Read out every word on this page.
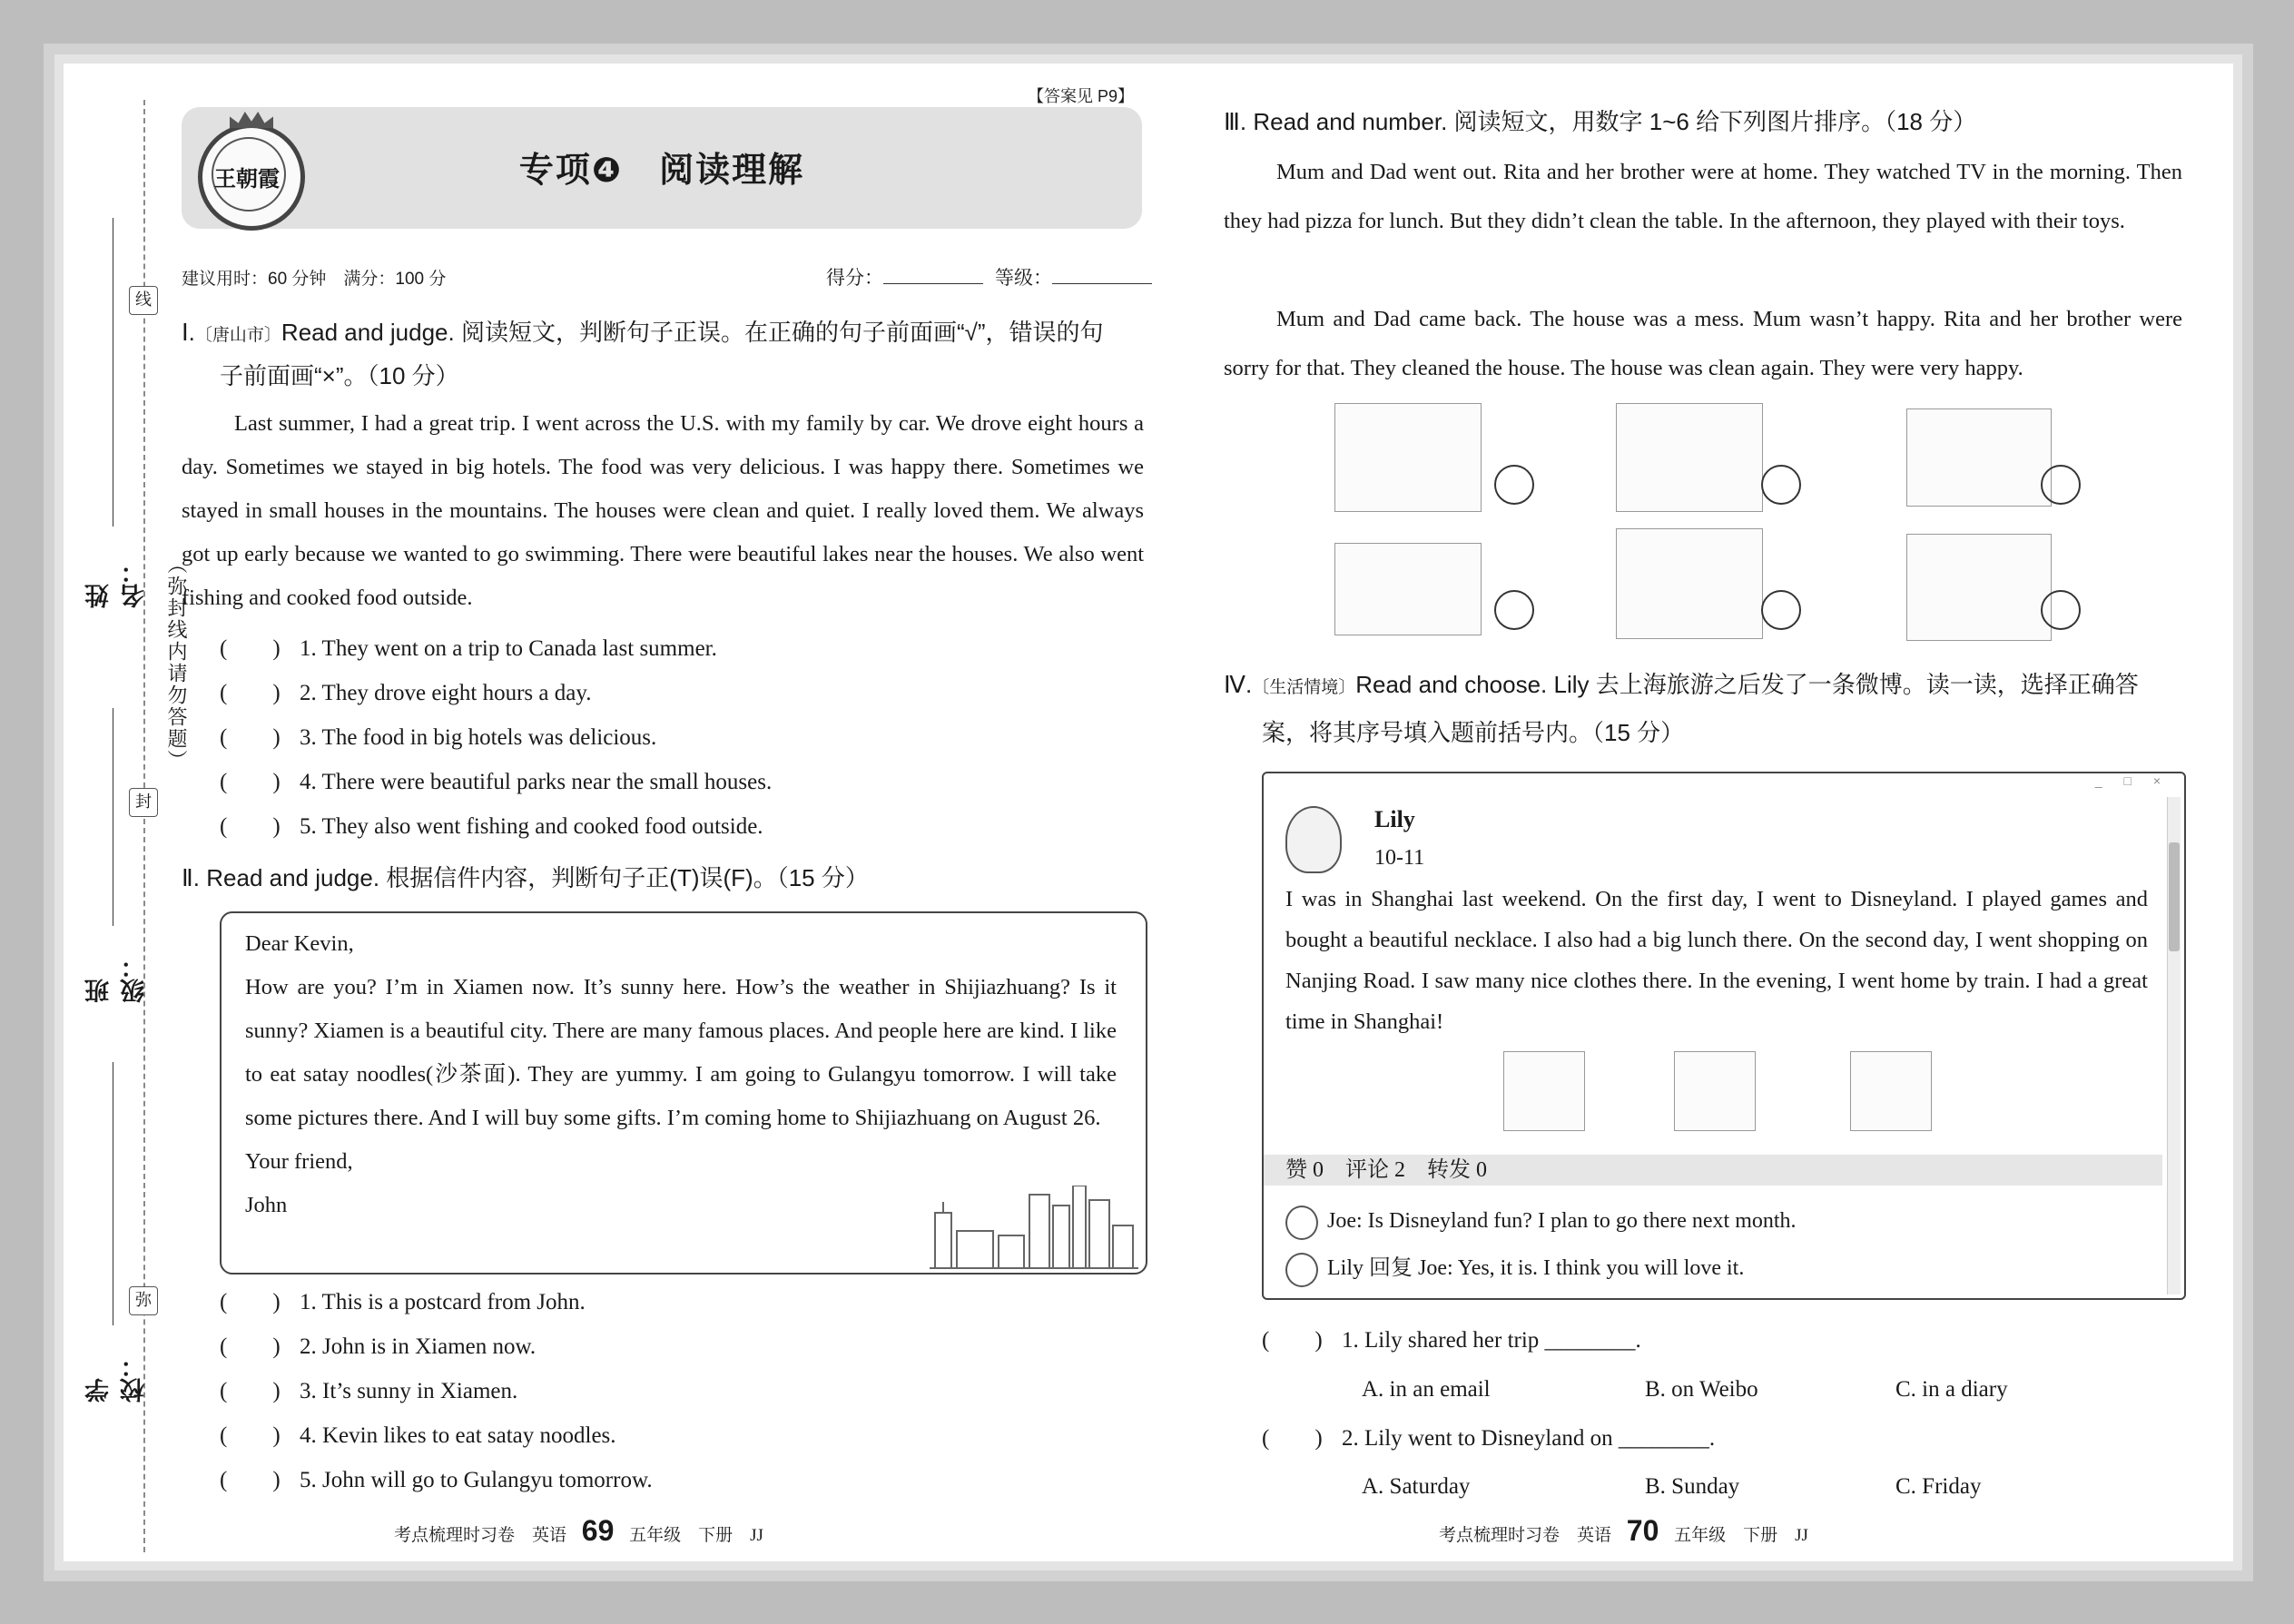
姓名：
班级：
学校：
（弥封线内请勿答题）
线
封
弥
【答案见 P9】
专项❹　阅读理解
王朝霞
建议用时：60 分钟　满分：100 分	得分：	等级：
Ⅰ.〔唐山市〕Read and judge. 阅读短文，判断句子正误。在正确的句子前面画“√”，错误的句
子前面画“×”。（10 分）
Last summer, I had a great trip. I went across the U.S. with my family by car. We drove eight hours a day. Sometimes we stayed in big hotels. The food was very delicious. I was happy there. Sometimes we stayed in small houses in the mountains. The houses were clean and quiet. I really loved them. We always got up early because we wanted to go swimming. There were beautiful lakes near the houses. We also went fishing and cooked food outside.
(　　) 1. They went on a trip to Canada last summer.
(　　) 2. They drove eight hours a day.
(　　) 3. The food in big hotels was delicious.
(　　) 4. There were beautiful parks near the small houses.
(　　) 5. They also went fishing and cooked food outside.
Ⅱ. Read and judge. 根据信件内容，判断句子正(T)误(F)。（15 分）
Dear Kevin,
How are you? I’m in Xiamen now. It’s sunny here. How’s the weather in Shijiazhuang? Is it sunny? Xiamen is a beautiful city. There are many famous places. And people here are kind. I like to eat satay noodles(沙茶面). They are yummy. I am going to Gulangyu tomorrow. I will take some pictures there. And I will buy some gifts. I’m coming home to Shijiazhuang on August 26.
Your friend,
John
(　　) 1. This is a postcard from John.
(　　) 2. John is in Xiamen now.
(　　) 3. It’s sunny in Xiamen.
(　　) 4. Kevin likes to eat satay noodles.
(　　) 5. John will go to Gulangyu tomorrow.
考点梳理时习卷　英语 69 五年级　下册　JJ
Ⅲ. Read and number. 阅读短文，用数字 1~6 给下列图片排序。（18 分）
Mum and Dad went out. Rita and her brother were at home. They watched TV in the morning. Then they had pizza for lunch. But they didn’t clean the table. In the afternoon, they played with their toys.
Mum and Dad came back. The house was a mess. Mum wasn’t happy. Rita and her brother were sorry for that. They cleaned the house. The house was clean again. They were very happy.
Ⅳ.〔生活情境〕Read and choose. Lily 去上海旅游之后发了一条微博。读一读，选择正确答
案，将其序号填入题前括号内。（15 分）
_ □ ×
Lily
10-11
I was in Shanghai last weekend. On the first day, I went to Disneyland. I played games and bought a beautiful necklace. I also had a big lunch there. On the second day, I went shopping on Nanjing Road. I saw many nice clothes there. In the evening, I went home by train. I had a great time in Shanghai!
赞 0　评论 2　转发 0
Joe: Is Disneyland fun? I plan to go there next month.
Lily 回复 Joe: Yes, it is. I think you will love it.
(　　) 1. Lily shared her trip ________.
A. in an email	B. on Weibo	C. in a diary
(　　) 2. Lily went to Disneyland on ________.
A. Saturday	B. Sunday	C. Friday
考点梳理时习卷　英语 70 五年级　下册　JJ
